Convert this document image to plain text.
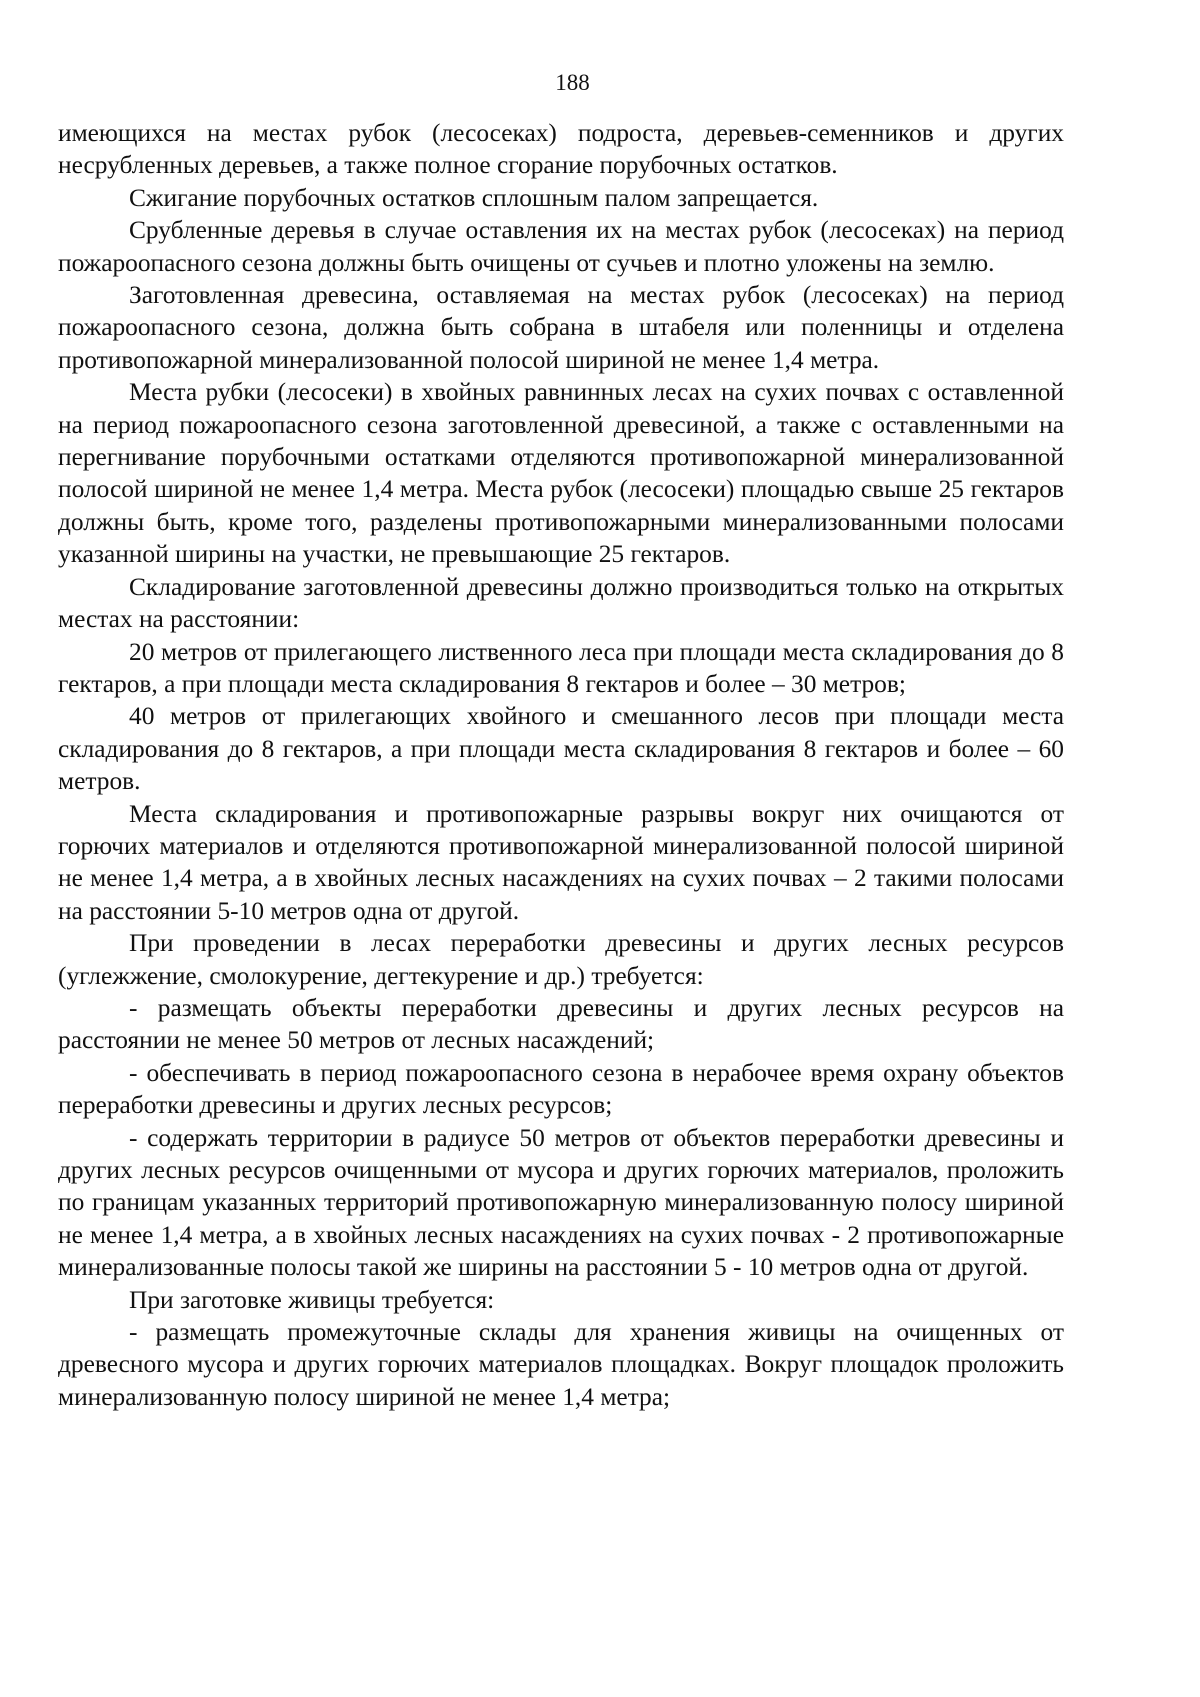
188

имеющихся на местах рубок (лесосеках) подроста, деревьев-семенников и других несрубленных деревьев, а также полное сгорание порубочных остатков.

Сжигание порубочных остатков сплошным палом запрещается.

Срубленные деревья в случае оставления их на местах рубок (лесосеках) на период пожароопасного сезона должны быть очищены от сучьев и плотно уложены на землю.

Заготовленная древесина, оставляемая на местах рубок (лесосеках) на период пожароопасного сезона, должна быть собрана в штабеля или поленницы и отделена противопожарной минерализованной полосой шириной не менее 1,4 метра.

Места рубки (лесосеки) в хвойных равнинных лесах на сухих почвах с оставленной на период пожароопасного сезона заготовленной древесиной, а также с оставленными на перегнивание порубочными остатками отделяются противопожарной минерализованной полосой шириной не менее 1,4 метра. Места рубок (лесосеки) площадью свыше 25 гектаров должны быть, кроме того, разделены противопожарными минерализованными полосами указанной ширины на участки, не превышающие 25 гектаров.

Складирование заготовленной древесины должно производиться только на открытых местах на расстоянии:

20 метров от прилегающего лиственного леса при площади места складирования до 8 гектаров, а при площади места складирования 8 гектаров и более – 30 метров;

40 метров от прилегающих хвойного и смешанного лесов при площади места складирования до 8 гектаров, а при площади места складирования 8 гектаров и более – 60 метров.

Места складирования и противопожарные разрывы вокруг них очищаются от горючих материалов и отделяются противопожарной минерализованной полосой шириной не менее 1,4 метра, а в хвойных лесных насаждениях на сухих почвах – 2 такими полосами на расстоянии 5-10 метров одна от другой.

При проведении в лесах переработки древесины и других лесных ресурсов (углежжение, смолокурение, дегтекурение и др.) требуется:

- размещать объекты переработки древесины и других лесных ресурсов на расстоянии не менее 50 метров от лесных насаждений;

- обеспечивать в период пожароопасного сезона в нерабочее время охрану объектов переработки древесины и других лесных ресурсов;

- содержать территории в радиусе 50 метров от объектов переработки древесины и других лесных ресурсов очищенными от мусора и других горючих материалов, проложить по границам указанных территорий противопожарную минерализованную полосу шириной не менее 1,4 метра, а в хвойных лесных насаждениях на сухих почвах - 2 противопожарные минерализованные полосы такой же ширины на расстоянии 5 - 10 метров одна от другой.

При заготовке живицы требуется:

- размещать промежуточные склады для хранения живицы на очищенных от древесного мусора и других горючих материалов площадках. Вокруг площадок проложить минерализованную полосу шириной не менее 1,4 метра;
